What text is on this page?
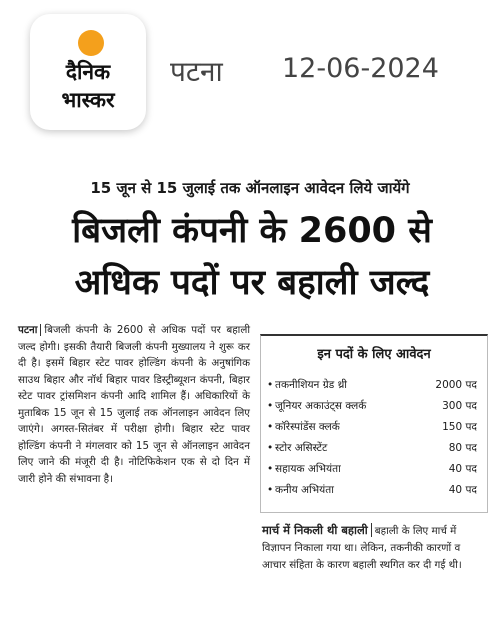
दैनिक
भास्कर
पटना 12-06-2024
15 जून से 15 जुलाई तक ऑनलाइन आवेदन लिये जायेंगे
बिजली कंपनी के 2600 से
अधिक पदों पर बहाली जल्द
पटना बिजली कंपनी के 2600 से अधिक पदों पर बहाली जल्द होगी। इसकी तैयारी बिजली कंपनी मुख्यालय ने शुरू कर दी है। इसमें बिहार स्टेट पावर होल्डिंग कंपनी के अनुषांगिक साउथ बिहार और नॉर्थ बिहार पावर डिस्ट्रीब्यूशन कंपनी, बिहार स्टेट पावर ट्रांसमिशन कंपनी आदि शामिल हैं। अधिकारियों के मुताबिक 15 जून से 15 जुलाई तक ऑनलाइन आवेदन लिए जाएंगे। अगस्त-सितंबर में परीक्षा होगी। बिहार स्टेट पावर होल्डिंग कंपनी ने मंगलवार को 15 जून से ऑनलाइन आवेदन लिए जाने की मंजूरी दी है। नोटिफिकेशन एक से दो दिन में जारी होने की संभावना है।
इन पदों के लिए आवेदन
• तकनीशियन ग्रेड थ्री	2000 पद
• जूनियर अकाउंट्स क्लर्क	300 पद
• कॉरेस्पांडेंस क्लर्क	150 पद
• स्टोर असिस्टेंट	80 पद
• सहायक अभियंता	40 पद
• कनीय अभियंता	40 पद
मार्च में निकली थी बहाली बहाली के लिए मार्च में विज्ञापन निकाला गया था। लेकिन, तकनीकी कारणों व आचार संहिता के कारण बहाली स्थगित कर दी गई थी।
